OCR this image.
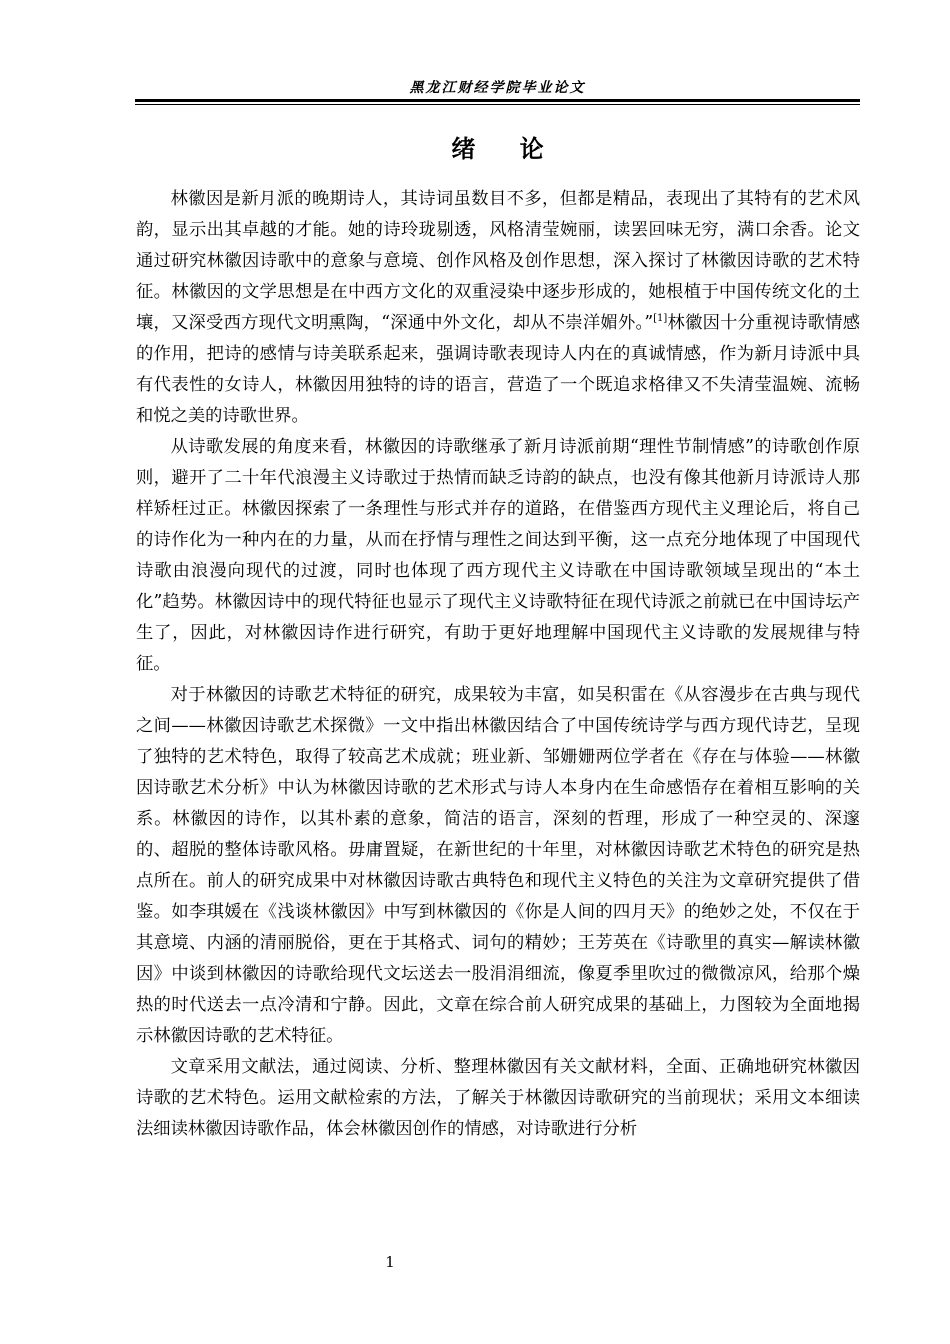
黑龙江财经学院毕业论文
绪 论

林徽因是新月派的晚期诗人，其诗词虽数目不多，但都是精品，表现出了其特有的艺术风韵，显示出其卓越的才能。她的诗玲珑剔透，风格清莹婉丽，读罢回味无穷，满口余香。论文通过研究林徽因诗歌中的意象与意境、创作风格及创作思想，深入探讨了林徽因诗歌的艺术特征。林徽因的文学思想是在中西方文化的双重浸染中逐步形成的，她根植于中国传统文化的土壤，又深受西方现代文明熏陶，“深通中外文化，却从不崇洋媚外。”[1]林徽因十分重视诗歌情感的作用，把诗的感情与诗美联系起来，强调诗歌表现诗人内在的真诚情感，作为新月诗派中具有代表性的女诗人，林徽因用独特的诗的语言，营造了一个既追求格律又不失清莹温婉、流畅和悦之美的诗歌世界。

从诗歌发展的角度来看，林徽因的诗歌继承了新月诗派前期“理性节制情感”的诗歌创作原则，避开了二十年代浪漫主义诗歌过于热情而缺乏诗韵的缺点，也没有像其他新月诗派诗人那样矫枉过正。林徽因探索了一条理性与形式并存的道路，在借鉴西方现代主义理论后，将自己的诗作化为一种内在的力量，从而在抒情与理性之间达到平衡，这一点充分地体现了中国现代诗歌由浪漫向现代的过渡，同时也体现了西方现代主义诗歌在中国诗歌领域呈现出的“本土化”趋势。林徽因诗中的现代特征也显示了现代主义诗歌特征在现代诗派之前就已在中国诗坛产生了，因此，对林徽因诗作进行研究，有助于更好地理解中国现代主义诗歌的发展规律与特征。

对于林徽因的诗歌艺术特征的研究，成果较为丰富，如吴积雷在《从容漫步在古典与现代之间——林徽因诗歌艺术探微》一文中指出林徽因结合了中国传统诗学与西方现代诗艺，呈现了独特的艺术特色，取得了较高艺术成就；班业新、邹姗姗两位学者在《存在与体验——林徽因诗歌艺术分析》中认为林徽因诗歌的艺术形式与诗人本身内在生命感悟存在着相互影响的关系。林徽因的诗作，以其朴素的意象，简洁的语言，深刻的哲理，形成了一种空灵的、深邃的、超脱的整体诗歌风格。毋庸置疑，在新世纪的十年里，对林徽因诗歌艺术特色的研究是热点所在。前人的研究成果中对林徽因诗歌古典特色和现代主义特色的关注为文章研究提供了借鉴。如李琪媛在《浅谈林徽因》中写到林徽因的《你是人间的四月天》的绝妙之处，不仅在于其意境、内涵的清丽脱俗，更在于其格式、词句的精妙；王芳英在《诗歌里的真实—解读林徽因》中谈到林徽因的诗歌给现代文坛送去一股涓涓细流，像夏季里吹过的微微凉风，给那个燥热的时代送去一点冷清和宁静。因此，文章在综合前人研究成果的基础上，力图较为全面地揭示林徽因诗歌的艺术特征。

文章采用文献法，通过阅读、分析、整理林徽因有关文献材料，全面、正确地研究林徽因诗歌的艺术特色。运用文献检索的方法，了解关于林徽因诗歌研究的当前现状；采用文本细读法细读林徽因诗歌作品，体会林徽因创作的情感，对诗歌进行分析

1
